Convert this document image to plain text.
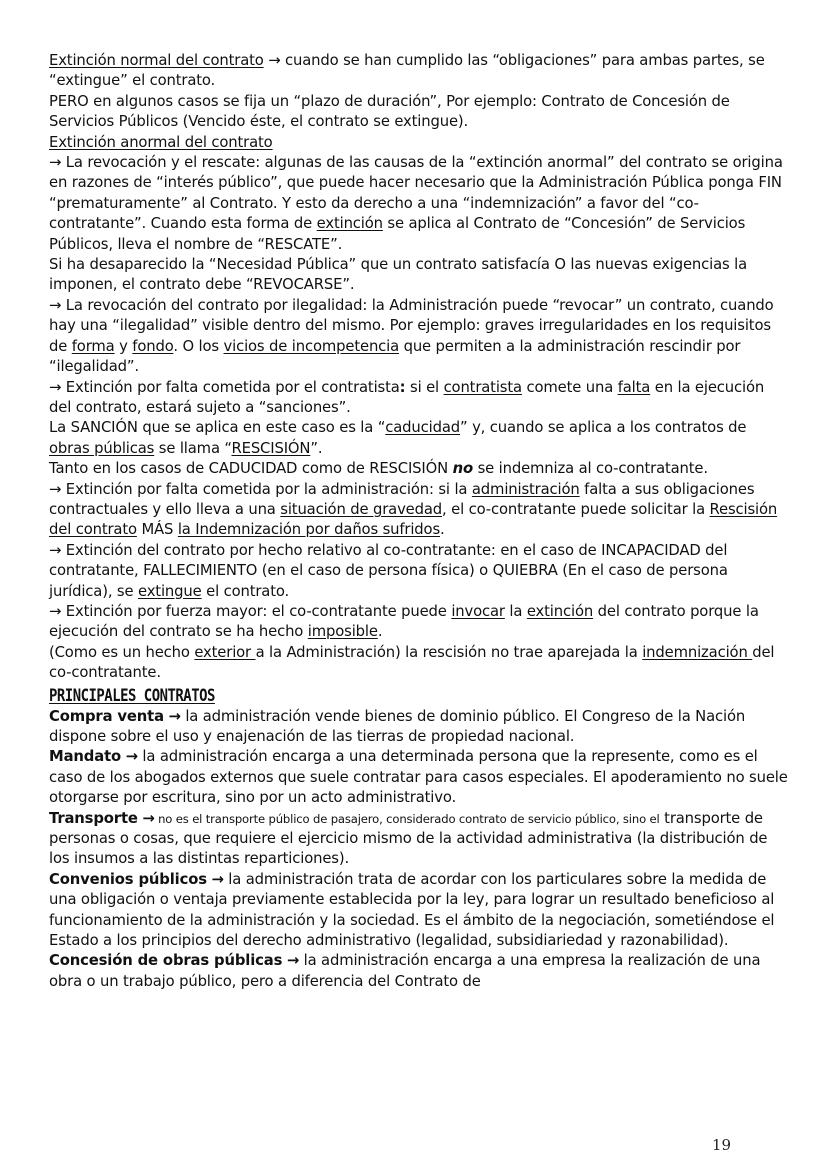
Extinción normal del contrato → cuando se han cumplido las “obligaciones” para ambas partes, se “extingue” el contrato.

PERO en algunos casos se fija un “plazo de duración”, Por ejemplo: Contrato de Concesión de Servicios Públicos (Vencido éste, el contrato se extingue).

Extinción anormal del contrato

→ La revocación y el rescate: algunas de las causas de la “extinción anormal” del contrato se origina en razones de “interés público”, que puede hacer necesario que la Administración Pública ponga FIN “prematuramente” al Contrato. Y esto da derecho a una “indemnización” a favor del “co-contratante”. Cuando esta forma de extinción se aplica al Contrato de “Concesión” de Servicios Públicos, lleva el nombre de “RESCATE”.

Si ha desaparecido la “Necesidad Pública” que un contrato satisfacía O las nuevas exigencias la imponen, el contrato debe “REVOCARSE”.

→ La revocación del contrato por ilegalidad: la Administración puede “revocar” un contrato, cuando hay una “ilegalidad” visible dentro del mismo. Por ejemplo: graves irregularidades en los requisitos de forma y fondo. O los vicios de incompetencia que permiten a la administración rescindir por “ilegalidad”.

→ Extinción por falta cometida por el contratista: si el contratista comete una falta en la ejecución del contrato, estará sujeto a “sanciones”.

La SANCIÓN que se aplica en este caso es la “caducidad” y, cuando se aplica a los contratos de obras públicas se llama “RESCISIÓN”.

Tanto en los casos de CADUCIDAD como de RESCISIÓN no se indemniza al co-contratante.

→ Extinción por falta cometida por la administración: si la administración falta a sus obligaciones contractuales y ello lleva a una situación de gravedad, el co-contratante puede solicitar la Rescisión del contrato MÁS la Indemnización por daños sufridos.

→ Extinción del contrato por hecho relativo al co-contratante: en el caso de INCAPACIDAD del contratante, FALLECIMIENTO (en el caso de persona física) o QUIEBRA (En el caso de persona jurídica), se extingue el contrato.

→ Extinción por fuerza mayor: el co-contratante puede invocar la extinción del contrato porque la ejecución del contrato se ha hecho imposible.

(Como es un hecho exterior a la Administración) la rescisión no trae aparejada la indemnización del co-contratante.

PRINCIPALES CONTRATOS

Compra venta → la administración vende bienes de dominio público. El Congreso de la Nación dispone sobre el uso y enajenación de las tierras de propiedad nacional.

Mandato → la administración encarga a una determinada persona que la represente, como es el caso de los abogados externos que suele contratar para casos especiales. El apoderamiento no suele otorgarse por escritura, sino por un acto administrativo.

Transporte → no es el transporte público de pasajero, considerado contrato de servicio público, sino el transporte de personas o cosas, que requiere el ejercicio mismo de la actividad administrativa (la distribución de los insumos a las distintas reparticiones).

Convenios públicos → la administración trata de acordar con los particulares sobre la medida de una obligación o ventaja previamente establecida por la ley, para lograr un resultado beneficioso al funcionamiento de la administración y la sociedad. Es el ámbito de la negociación, sometiéndose el Estado a los principios del derecho administrativo (legalidad, subsidiariedad y razonabilidad).

Concesión de obras públicas → la administración encarga a una empresa la realización de una obra o un trabajo público, pero a diferencia del Contrato de

19
